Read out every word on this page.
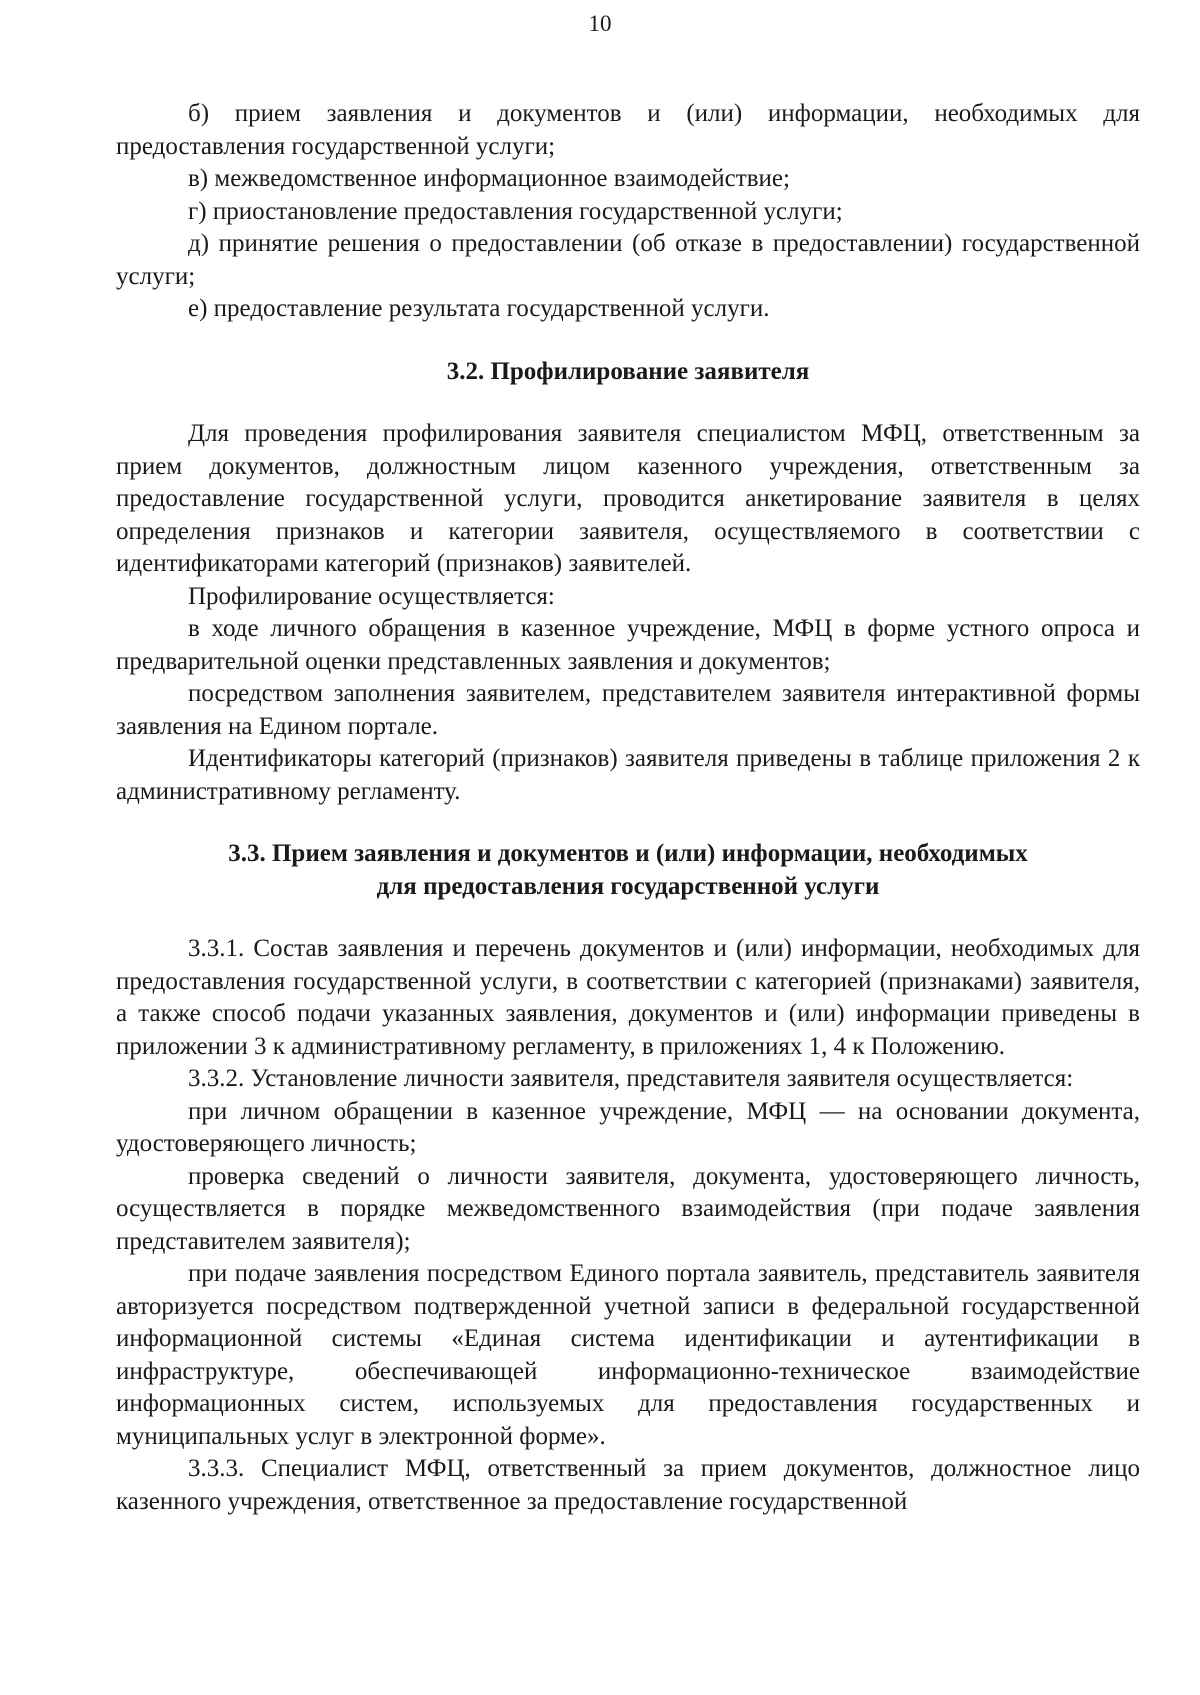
10

б) прием заявления и документов и (или) информации, необходимых для предоставления государственной услуги;

в) межведомственное информационное взаимодействие;

г) приостановление предоставления государственной услуги;

д) принятие решения о предоставлении (об отказе в предоставлении) государственной услуги;

е) предоставление результата государственной услуги.

3.2. Профилирование заявителя

Для проведения профилирования заявителя специалистом МФЦ, ответственным за прием документов, должностным лицом казенного учреждения, ответственным за предоставление государственной услуги, проводится анкетирование заявителя в целях определения признаков и категории заявителя, осуществляемого в соответствии с идентификаторами категорий (признаков) заявителей.

Профилирование осуществляется:

в ходе личного обращения в казенное учреждение, МФЦ в форме устного опроса и предварительной оценки представленных заявления и документов;

посредством заполнения заявителем, представителем заявителя интерактивной формы заявления на Едином портале.

Идентификаторы категорий (признаков) заявителя приведены в таблице приложения 2 к административному регламенту.

3.3. Прием заявления и документов и (или) информации, необходимых
для предоставления государственной услуги

3.3.1. Состав заявления и перечень документов и (или) информации, необходимых для предоставления государственной услуги, в соответствии с категорией (признаками) заявителя, а также способ подачи указанных заявления, документов и (или) информации приведены в приложении 3 к административному регламенту, в приложениях 1, 4 к Положению.

3.3.2. Установление личности заявителя, представителя заявителя осуществляется:

при личном обращении в казенное учреждение, МФЦ — на основании документа, удостоверяющего личность;

проверка сведений о личности заявителя, документа, удостоверяющего личность, осуществляется в порядке межведомственного взаимодействия (при подаче заявления представителем заявителя);

при подаче заявления посредством Единого портала заявитель, представитель заявителя авторизуется посредством подтвержденной учетной записи в федеральной государственной информационной системы «Единая система идентификации и аутентификации в инфраструктуре, обеспечивающей информационно-техническое взаимодействие информационных систем, используемых для предоставления государственных и муниципальных услуг в электронной форме».

3.3.3. Специалист МФЦ, ответственный за прием документов, должностное лицо казенного учреждения, ответственное за предоставление государственной
